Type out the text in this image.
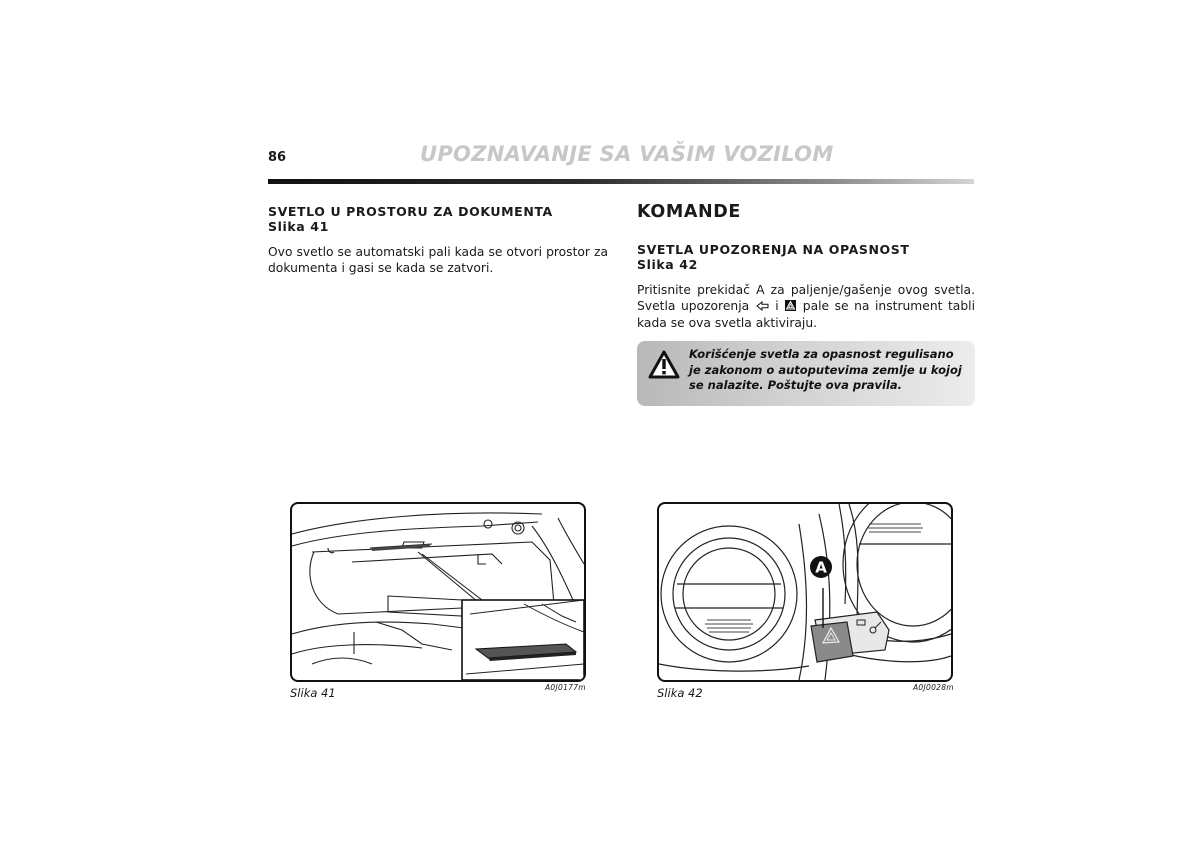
86	UPOZNAVANJE SA VAŠIM VOZILOM
SVETLO U PROSTORU ZA DOKUMENTA
Slika 41
Ovo svetlo se automatski pali kada se otvori prostor za dokumenta i gasi se kada se zatvori.
KOMANDE
SVETLA UPOZORENJA NA OPASNOST
Slika 42
Pritisnite prekidač A za paljenje/gašenje ovog svetla. Svetla upozorenja i pale se na instrument tabli kada se ova svetla aktiviraju.
Korišćenje svetla za opasnost regulisano je zakonom o autoputevima zemlje u kojoj se nalazite. Poštujte ova pravila.
Slika 41	A0J0177m
A
Slika 42	A0J0028m
